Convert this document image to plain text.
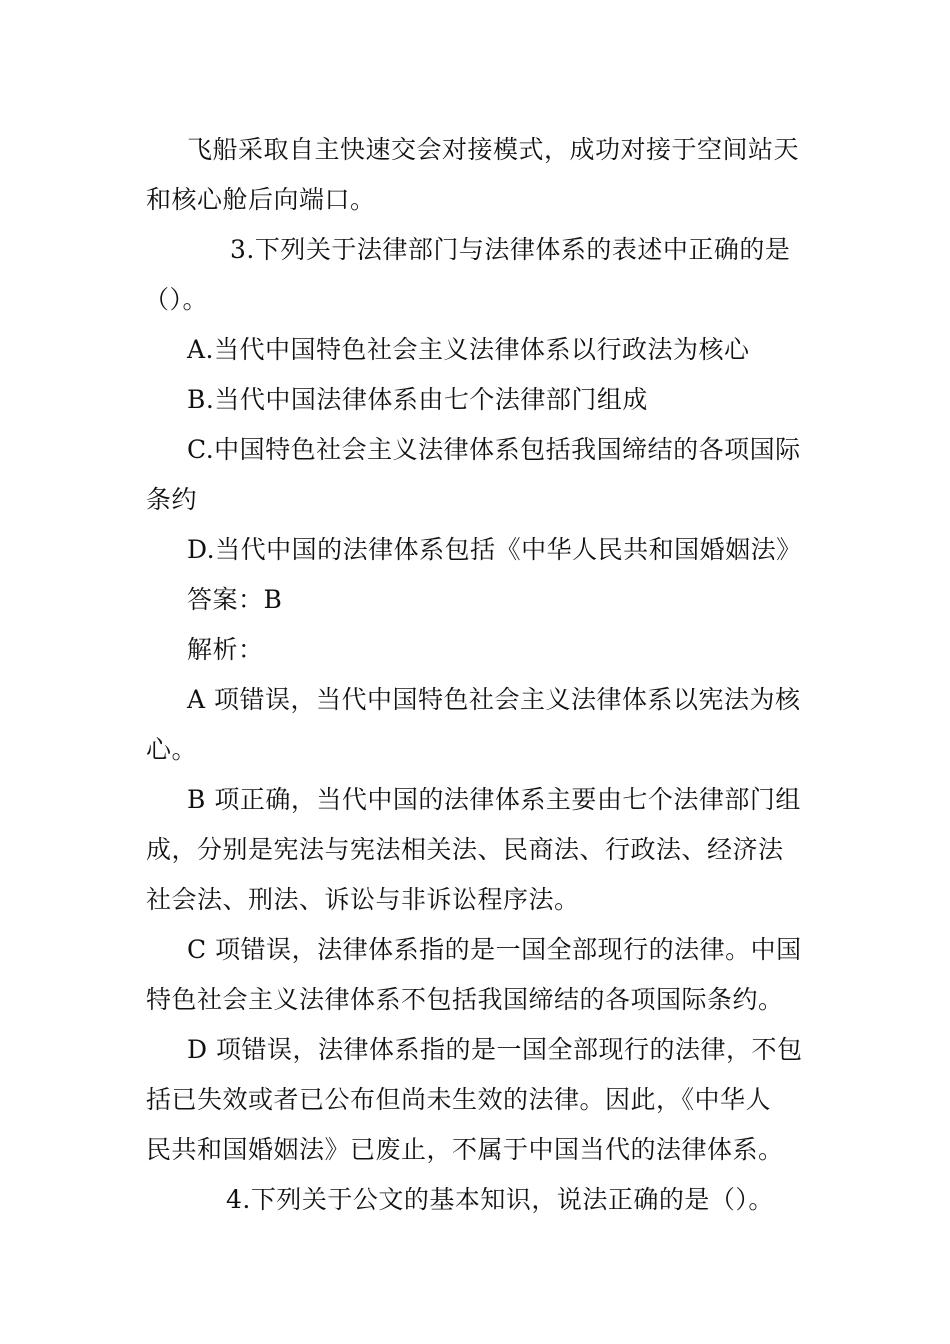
飞船采取自主快速交会对接模式，成功对接于空间站天
和核心舱后向端口。
3.下列关于法律部门与法律体系的表述中正确的是
（）。
A.当代中国特色社会主义法律体系以行政法为核心
B.当代中国法律体系由七个法律部门组成
C.中国特色社会主义法律体系包括我国缔结的各项国际
条约
D.当代中国的法律体系包括《中华人民共和国婚姻法》
答案：B
解析：
A 项错误，当代中国特色社会主义法律体系以宪法为核
心。
B 项正确，当代中国的法律体系主要由七个法律部门组
成，分别是宪法与宪法相关法、民商法、行政法、经济法
社会法、刑法、诉讼与非诉讼程序法。
C 项错误，法律体系指的是一国全部现行的法律。中国
特色社会主义法律体系不包括我国缔结的各项国际条约。
D 项错误，法律体系指的是一国全部现行的法律，不包
括已失效或者已公布但尚未生效的法律。因此，《中华人
民共和国婚姻法》已废止，不属于中国当代的法律体系。
4.下列关于公文的基本知识，说法正确的是（）。
